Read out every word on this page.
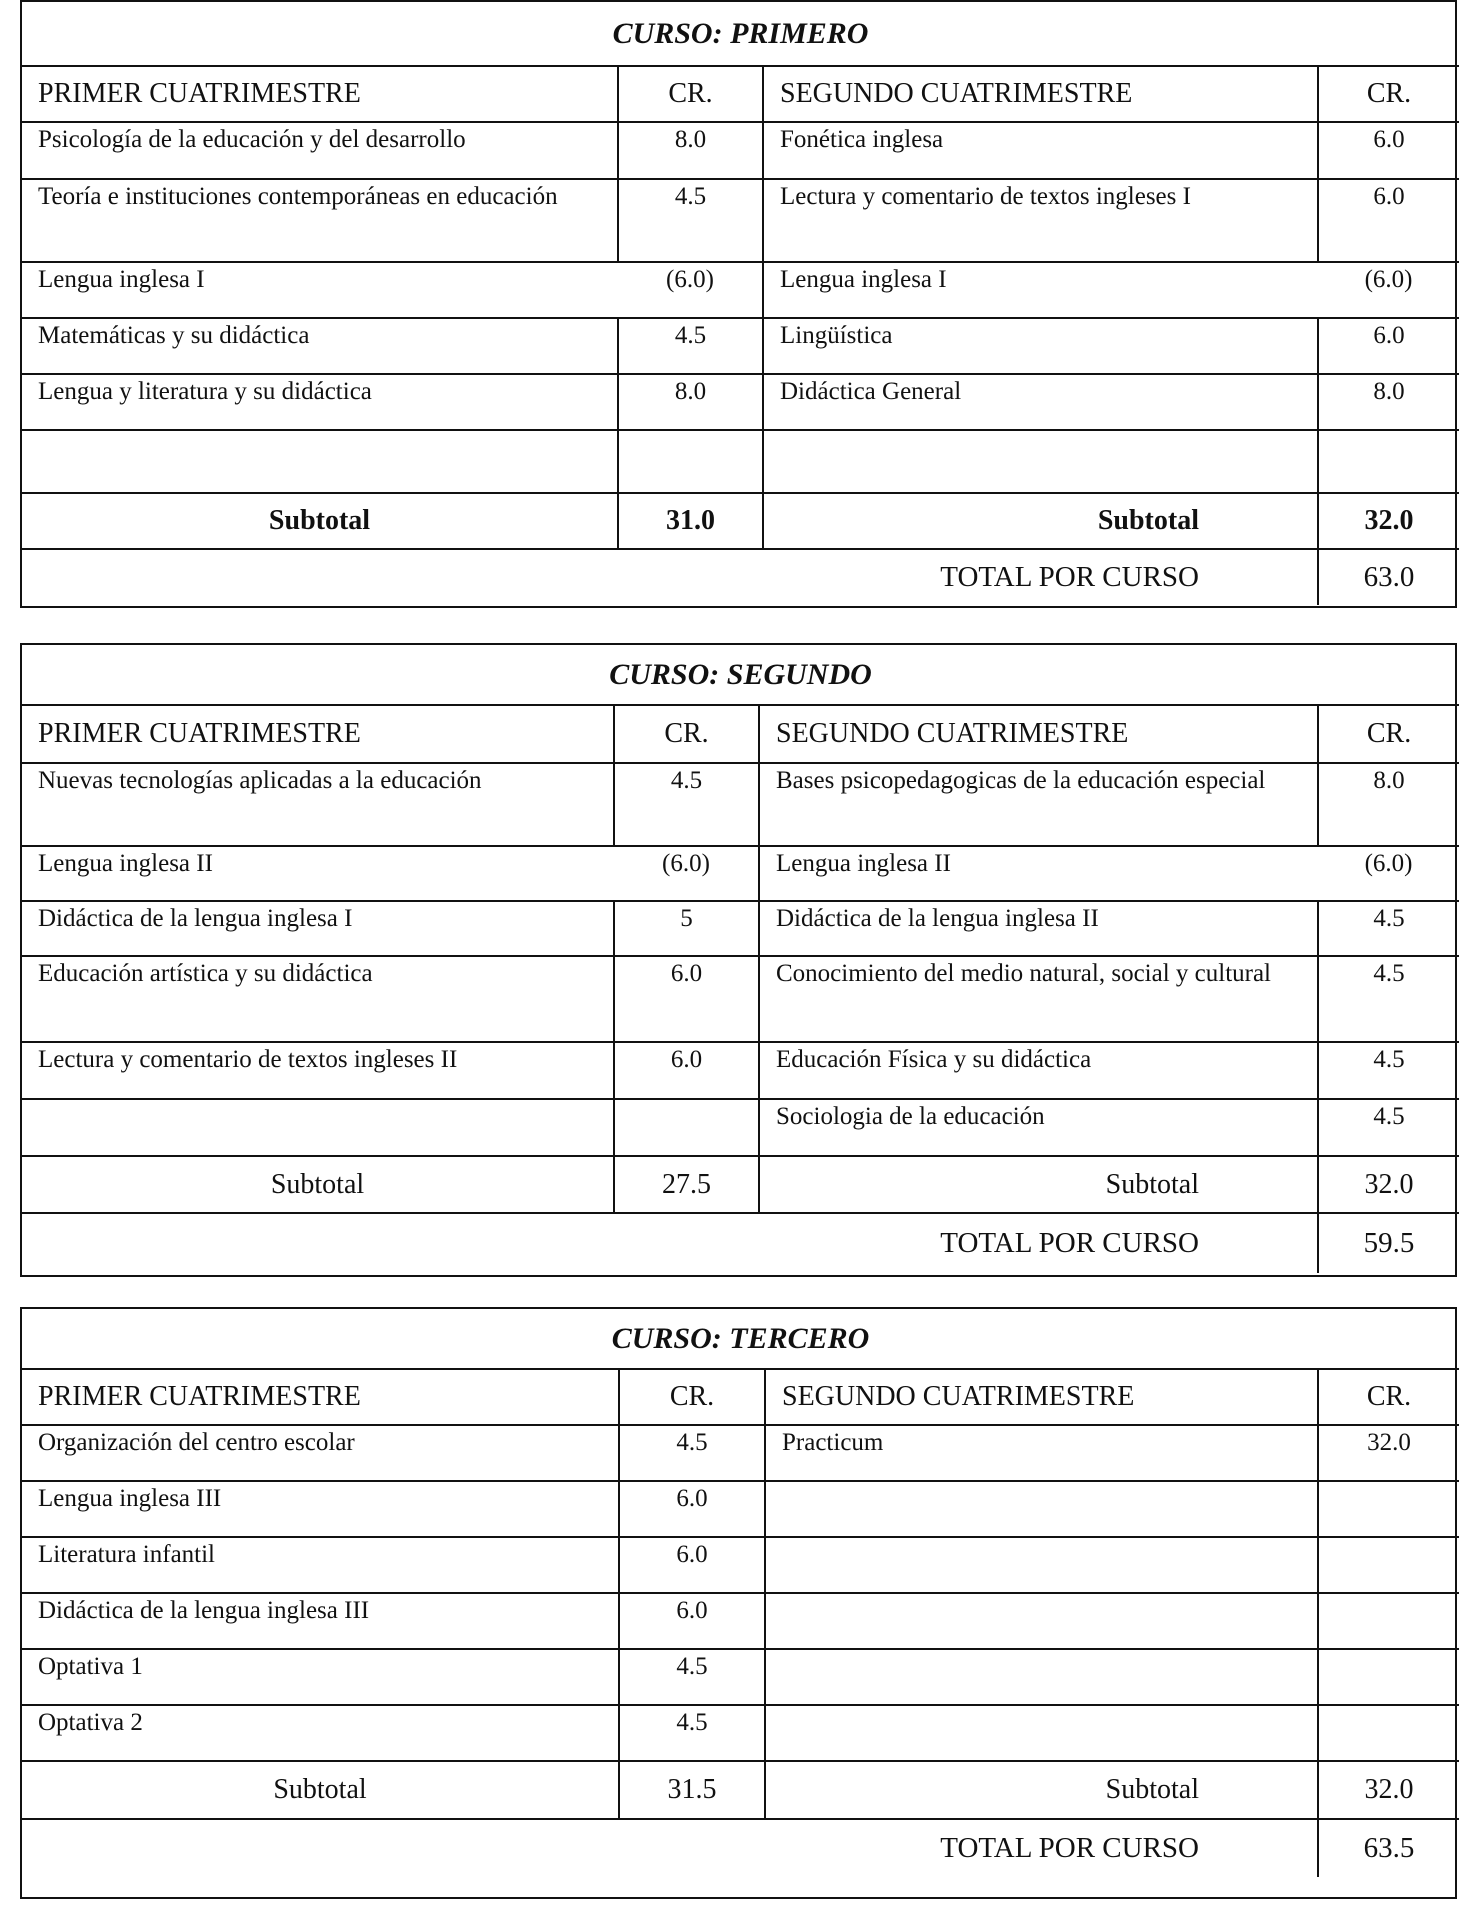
CURSO: PRIMERO			
PRIMER CUATRIMESTRE	CR.	SEGUNDO CUATRIMESTRE	CR.
Psicología de la educación y del desarrollo	8.0	Fonética inglesa	6.0
Teoría e instituciones contemporáneas en educación	4.5	Lectura y comentario de textos ingleses I	6.0
Lengua inglesa I	(6.0)	Lengua inglesa I	(6.0)
Matemáticas y su didáctica	4.5	Lingüística	6.0
Lengua y literatura y su didáctica	8.0	Didáctica General	8.0

Subtotal	31.0	Subtotal	32.0
TOTAL POR CURSO			63.0
CURSO: SEGUNDO			
PRIMER CUATRIMESTRE	CR.	SEGUNDO CUATRIMESTRE	CR.
Nuevas tecnologías aplicadas a la educación	4.5	Bases psicopedagogicas de la educación especial	8.0
Lengua inglesa II	(6.0)	Lengua inglesa II	(6.0)
Didáctica de la lengua inglesa I	5	Didáctica de la lengua inglesa II	4.5
Educación artística y su didáctica	6.0	Conocimiento del medio natural, social y cultural	4.5
Lectura y comentario de textos ingleses II	6.0	Educación Física y su didáctica	4.5
		Sociologia de la educación	4.5
Subtotal	27.5	Subtotal	32.0
TOTAL POR CURSO			59.5
CURSO: TERCERO			
PRIMER CUATRIMESTRE	CR.	SEGUNDO CUATRIMESTRE	CR.
Organización del centro escolar	4.5	Practicum	32.0
Lengua inglesa III	6.0		
Literatura infantil	6.0		
Didáctica de la lengua inglesa III	6.0		
Optativa 1	4.5		
Optativa 2	4.5		
Subtotal	31.5	Subtotal	32.0
TOTAL POR CURSO			63.5
